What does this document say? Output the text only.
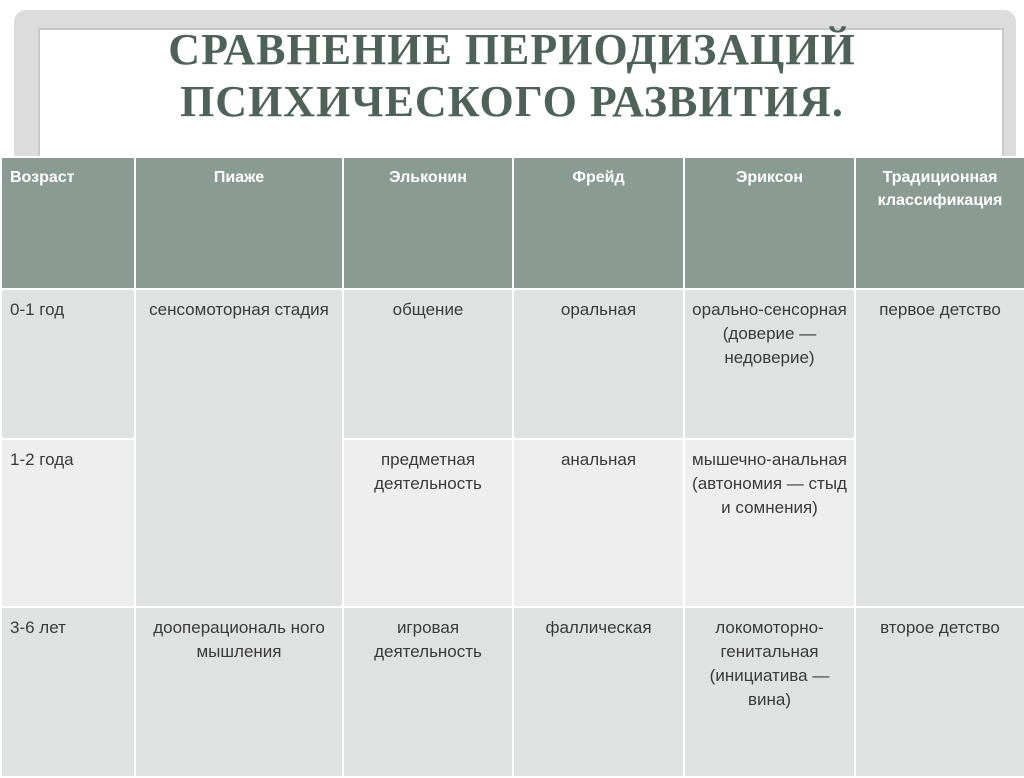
СРАВНЕНИЕ ПЕРИОДИЗАЦИЙ
ПСИХИЧЕСКОГО РАЗВИТИЯ.
Возраст	Пиаже	Эльконин	Фрейд	Эриксон	Традиционная классификация
0-1 год	сенсомоторная стадия	общение	оральная	орально-сенсорная (доверие — недоверие)	первое детство
1-2 года		предметная деятельность	анальная	мышечно-анальная (автономия — стыд и сомнения)	
3-6 лет	дооперациональ ного мышления	игровая деятельность	фаллическая	локомоторно-генитальная (инициатива — вина)	второе детство
